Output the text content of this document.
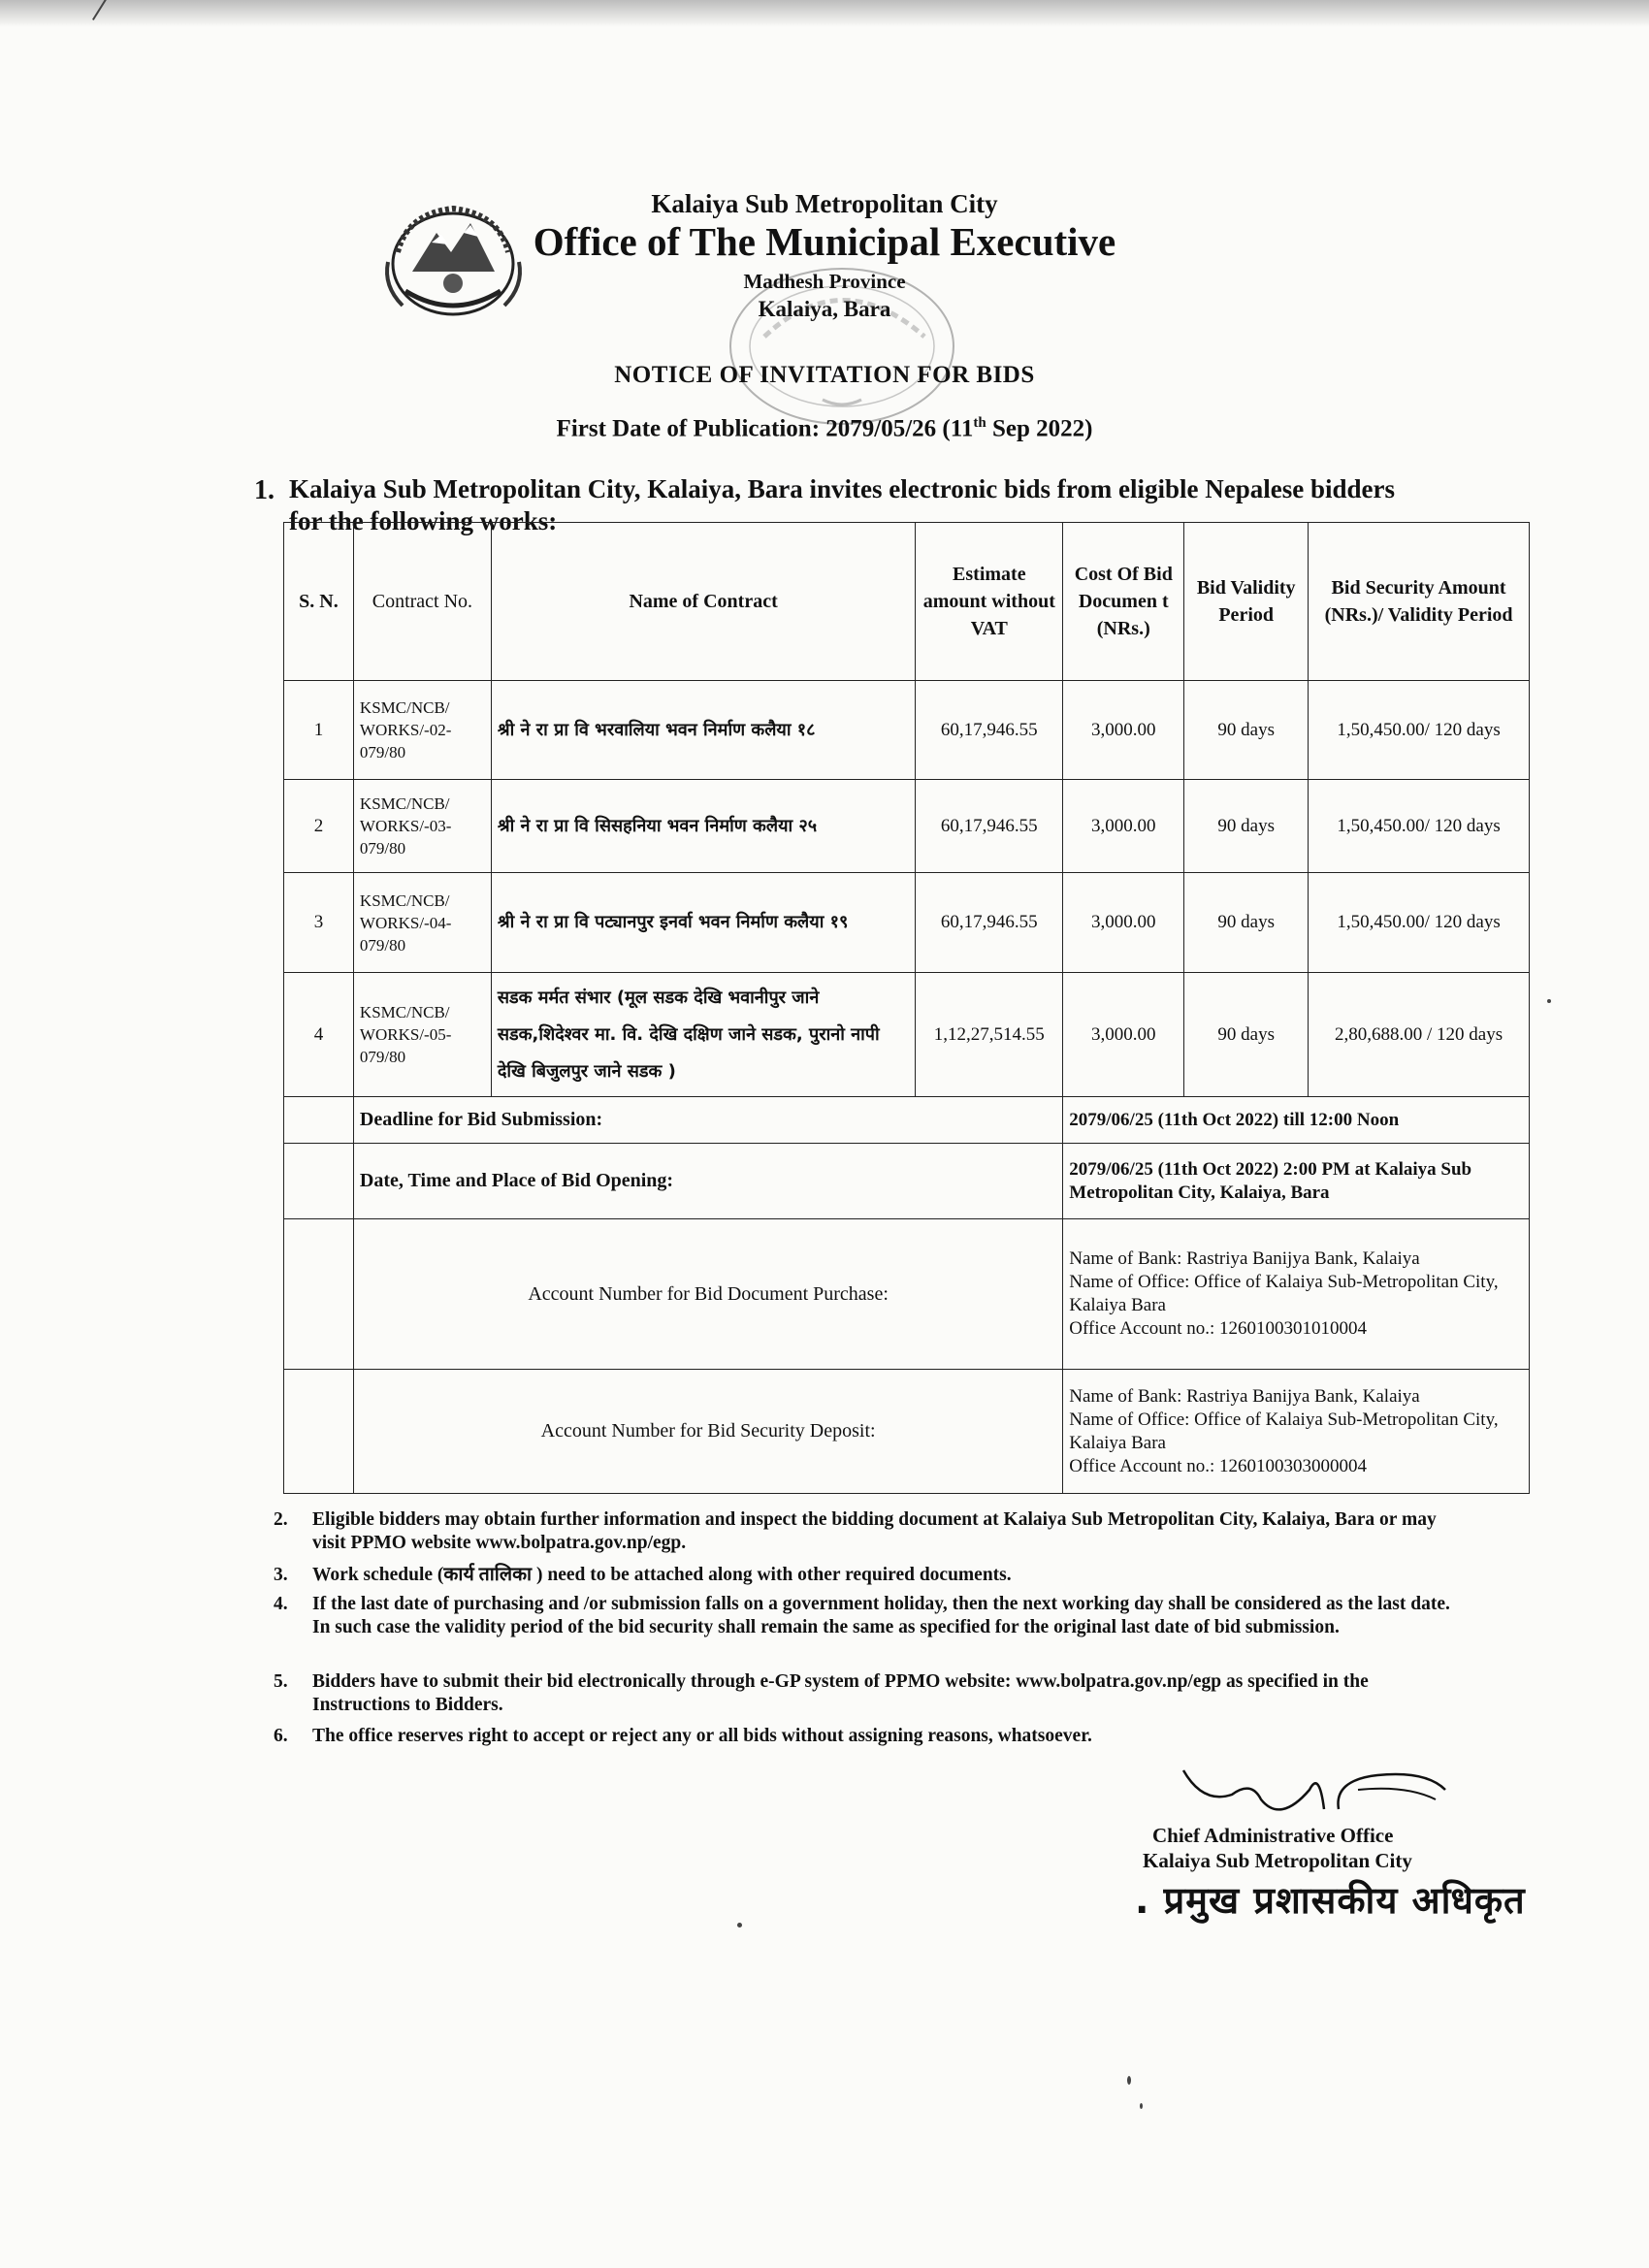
Kalaiya Sub Metropolitan City
Office of The Municipal Executive
Madhesh Province
Kalaiya, Bara
NOTICE OF INVITATION FOR BIDS
First Date of Publication: 2079/05/26 (11th Sep 2022)
1. Kalaiya Sub Metropolitan City, Kalaiya, Bara invites electronic bids from eligible Nepalese bidders for the following works:
S. N.	Contract No.	Name of Contract	Estimate amount without VAT	Cost Of Bid Documen t (NRs.)	Bid Validity Period	Bid Security Amount (NRs.)/ Validity Period
1	KSMC/NCB/ WORKS/-02-079/80	श्री ने रा प्रा वि भरवालिया भवन निर्माण कलैया १८	60,17,946.55	3,000.00	90 days	1,50,450.00/ 120 days
2	KSMC/NCB/ WORKS/-03-079/80	श्री ने रा प्रा वि सिसहनिया भवन निर्माण कलैया २५	60,17,946.55	3,000.00	90 days	1,50,450.00/ 120 days
3	KSMC/NCB/ WORKS/-04-079/80	श्री ने रा प्रा वि पट्यानपुर इनर्वा भवन निर्माण कलैया १९	60,17,946.55	3,000.00	90 days	1,50,450.00/ 120 days
4	KSMC/NCB/ WORKS/-05-079/80	सडक मर्मत संभार (मूल सडक देखि भवानीपुर जाने सडक,शिदेश्वर मा. वि. देखि दक्षिण जाने सडक, पुरानो नापी देखि बिजुलपुर जाने सडक )	1,12,27,514.55	3,000.00	90 days	2,80,688.00 / 120 days
	Deadline for Bid Submission:			2079/06/25 (11th Oct 2022) till 12:00 Noon		
	Date, Time and Place of Bid Opening:			2079/06/25 (11th Oct 2022) 2:00 PM at Kalaiya Sub Metropolitan City, Kalaiya, Bara		
	Account Number for Bid Document Purchase:			Name of Bank: Rastriya Banijya Bank, Kalaiya
Name of Office: Office of Kalaiya Sub-Metropolitan City, Kalaiya Bara
Office Account no.: 1260100301010004		

	Account Number for Bid Security Deposit:			Name of Bank: Rastriya Banijya Bank, Kalaiya
Name of Office: Office of Kalaiya Sub-Metropolitan City, Kalaiya Bara
Office Account no.: 1260100303000004		
2.	Eligible bidders may obtain further information and inspect the bidding document at Kalaiya Sub Metropolitan City, Kalaiya, Bara or may visit PPMO website www.bolpatra.gov.np/egp.
3.	Work schedule (कार्य तालिका ) need to be attached along with other required documents.
4.	If the last date of purchasing and /or submission falls on a government holiday, then the next working day shall be considered as the last date. In such case the validity period of the bid security shall remain the same as specified for the original last date of bid submission.
5.	Bidders have to submit their bid electronically through e-GP system of PPMO website: www.bolpatra.gov.np/egp as specified in the Instructions to Bidders.
6.	The office reserves right to accept or reject any or all bids without assigning reasons, whatsoever.
Chief Administrative Office
Kalaiya Sub Metropolitan City
. प्रमुख प्रशासकीय अधिकृत
